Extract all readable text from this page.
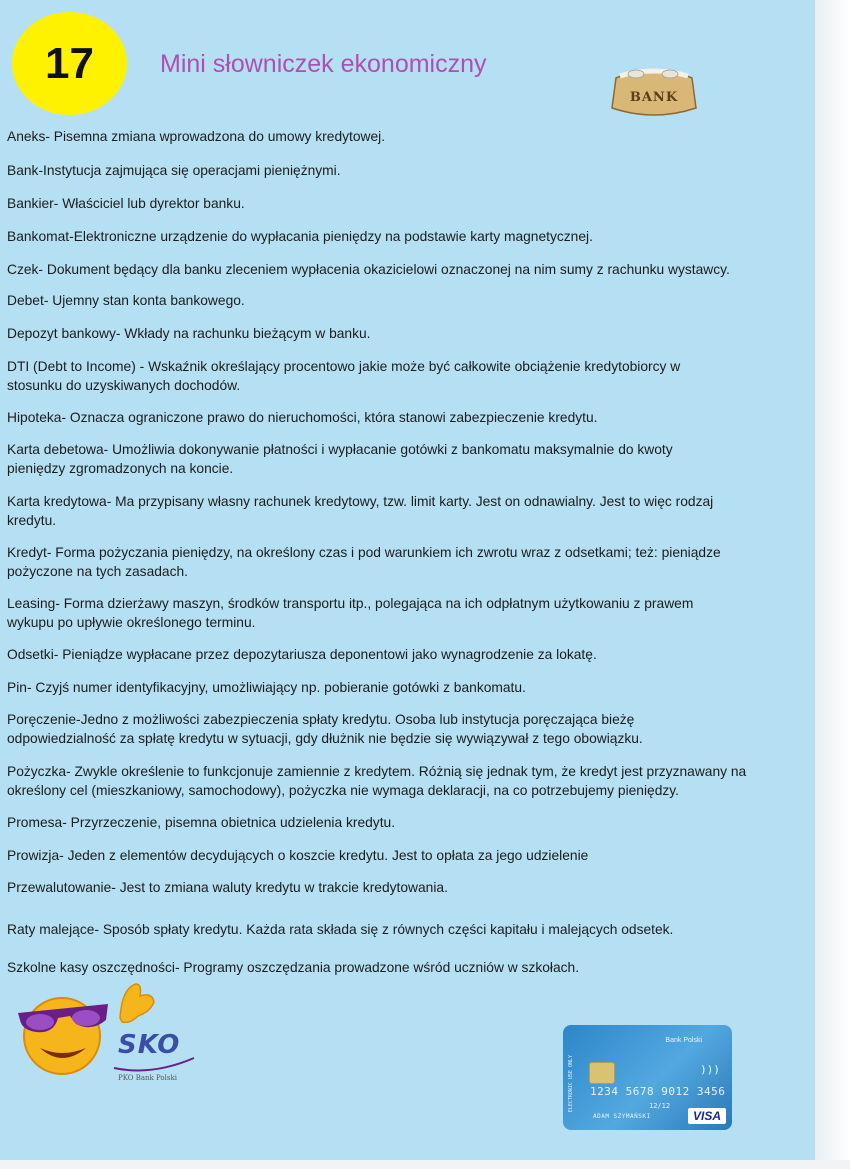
17	Mini słowniczek ekonomiczny
BANK
Aneks- Pisemna zmiana wprowadzona do umowy kredytowej.
Bank-Instytucja zajmująca się operacjami pieniężnymi.
Bankier- Właściciel lub dyrektor banku.
Bankomat-Elektroniczne urządzenie do wypłacania pieniędzy na podstawie karty magnetycznej.
Czek- Dokument będący dla banku zleceniem wypłacenia okazicielowi oznaczonej na nim sumy z rachunku wystawcy.
Debet- Ujemny stan konta bankowego.
Depozyt bankowy- Wkłady na rachunku bieżącym w banku.
DTI (Debt to Income) - Wskaźnik określający procentowo jakie może być całkowite obciążenie kredytobiorcy w stosunku do uzyskiwanych dochodów.
Hipoteka- Oznacza ograniczone prawo do nieruchomości, która stanowi zabezpieczenie kredytu.
Karta debetowa- Umożliwia dokonywanie płatności i wypłacanie gotówki z bankomatu maksymalnie do kwoty pieniędzy zgromadzonych na koncie.
Karta kredytowa- Ma przypisany własny rachunek kredytowy, tzw. limit karty. Jest on odnawialny. Jest to więc rodzaj kredytu.
Kredyt- Forma pożyczania pieniędzy, na określony czas i pod warunkiem ich zwrotu wraz z odsetkami; też: pieniądze pożyczone na tych zasadach.
Leasing- Forma dzierżawy maszyn, środków transportu itp., polegająca na ich odpłatnym użytkowaniu z prawem wykupu po upływie określonego terminu.
Odsetki- Pieniądze wypłacane przez depozytariusza deponentowi jako wynagrodzenie za lokatę.
Pin- Czyjś numer identyfikacyjny, umożliwiający np. pobieranie gotówki z bankomatu.
Poręczenie-Jedno z możliwości zabezpieczenia spłaty kredytu. Osoba lub instytucja poręczająca bieżę odpowiedzialność za spłatę kredytu w sytuacji, gdy dłużnik nie będzie się wywiązywał z tego obowiązku.
Pożyczka- Zwykle określenie to funkcjonuje zamiennie z kredytem. Różnią się jednak tym, że kredyt jest przyznawany na określony cel (mieszkaniowy, samochodowy), pożyczka nie wymaga deklaracji, na co potrzebujemy pieniędzy.
Promesa- Przyrzeczenie, pisemna obietnica udzielenia kredytu.
Prowizja- Jeden z elementów decydujących o koszcie kredytu. Jest to opłata za jego udzielenie
Przewalutowanie- Jest to zmiana waluty kredytu w trakcie kredytowania.
Raty malejące- Sposób spłaty kredytu. Każda rata składa się z równych części kapitału i malejących odsetek.
Szkolne kasy oszczędności- Programy oszczędzania prowadzone wśród uczniów w szkołach.
SKO
PKO Bank Polski	ELECTRONIC USE ONLY
Bank Polski
)))
1234 5678 9012 3456
12/12
ADAM SZYMAŃSKI	VISA
